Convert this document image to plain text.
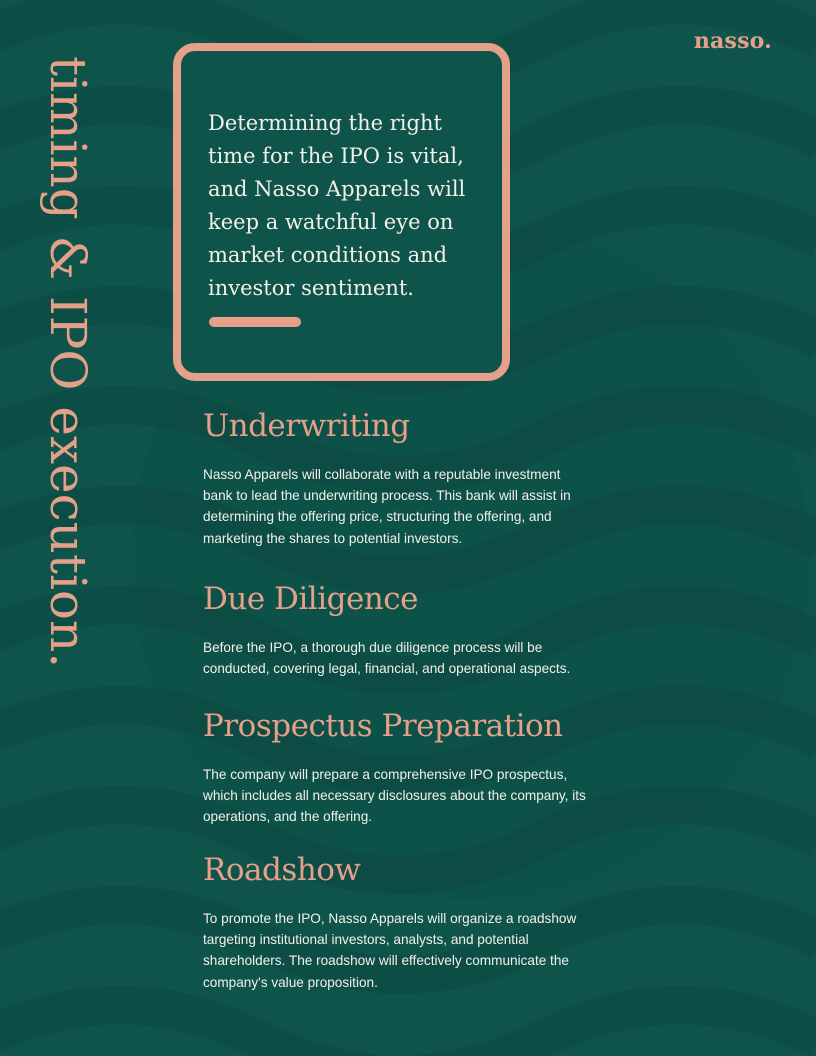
nasso.
timing & IPO execution.	Determining the right time for the IPO is vital, and Nasso Apparels will keep a watchful eye on market conditions and investor sentiment.

Underwriting

Nasso Apparels will collaborate with a reputable investment bank to lead the underwriting process. This bank will assist in determining the offering price, structuring the offering, and marketing the shares to potential investors.

Due Diligence

Before the IPO, a thorough due diligence process will be conducted, covering legal, financial, and operational aspects.

Prospectus Preparation

The company will prepare a comprehensive IPO prospectus, which includes all necessary disclosures about the company, its operations, and the offering.

Roadshow

To promote the IPO, Nasso Apparels will organize a roadshow targeting institutional investors, analysts, and potential shareholders. The roadshow will effectively communicate the company's value proposition.
